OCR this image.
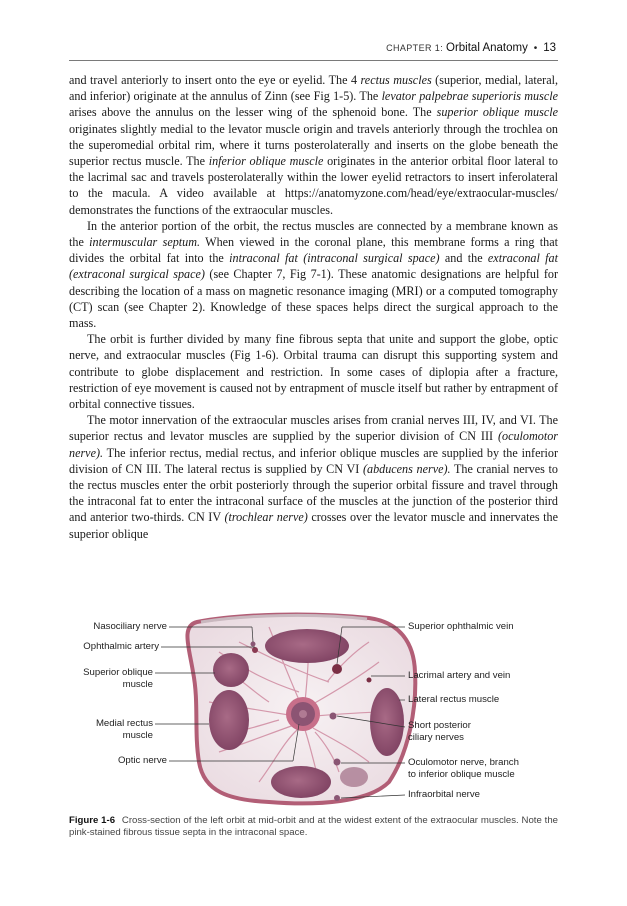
CHAPTER 1: Orbital Anatomy • 13

and travel anteriorly to insert onto the eye or eyelid. The 4 rectus muscles (superior, medial, lateral, and inferior) originate at the annulus of Zinn (see Fig 1-5). The levator palpebrae superioris muscle arises above the annulus on the lesser wing of the sphenoid bone. The superior oblique muscle originates slightly medial to the levator muscle origin and travels anteriorly through the trochlea on the superomedial orbital rim, where it turns posterolaterally and inserts on the globe beneath the superior rectus muscle. The inferior oblique muscle originates in the anterior orbital floor lateral to the lacrimal sac and travels posterolaterally within the lower eyelid retractors to insert inferolateral to the macula. A video available at https://anatomyzone.com/head/eye/extraocular-muscles/ demonstrates the functions of the extraocular muscles.

In the anterior portion of the orbit, the rectus muscles are connected by a membrane known as the intermuscular septum. When viewed in the coronal plane, this membrane forms a ring that divides the orbital fat into the intraconal fat (intraconal surgical space) and the extraconal fat (extraconal surgical space) (see Chapter 7, Fig 7-1). These anatomic designations are helpful for describing the location of a mass on magnetic resonance imaging (MRI) or a computed tomography (CT) scan (see Chapter 2). Knowledge of these spaces helps direct the surgical approach to the mass.

The orbit is further divided by many fine fibrous septa that unite and support the globe, optic nerve, and extraocular muscles (Fig 1-6). Orbital trauma can disrupt this supporting system and contribute to globe displacement and restriction. In some cases of diplopia after a fracture, restriction of eye movement is caused not by entrapment of muscle itself but rather by entrapment of orbital connective tissues.

The motor innervation of the extraocular muscles arises from cranial nerves III, IV, and VI. The superior rectus and levator muscles are supplied by the superior division of CN III (oculomotor nerve). The inferior rectus, medial rectus, and inferior oblique muscles are supplied by the inferior division of CN III. The lateral rectus is supplied by CN VI (abducens nerve). The cranial nerves to the rectus muscles enter the orbit posteriorly through the superior orbital fissure and travel through the intraconal fat to enter the intraconal surface of the muscles at the junction of the posterior third and anterior two-thirds. CN IV (trochlear nerve) crosses over the levator muscle and innervates the superior oblique

Nasociliary nerve
Ophthalmic artery
Superior oblique
muscle
Medial rectus
muscle
Optic nerve
Superior ophthalmic vein
Lacrimal artery and vein
Lateral rectus muscle
Short posterior
ciliary nerves
Oculomotor nerve, branch
to inferior oblique muscle
Infraorbital nerve
Figure 1-6 Cross-section of the left orbit at mid-orbit and at the widest extent of the extraocular muscles. Note the pink-stained fibrous tissue septa in the intraconal space.
